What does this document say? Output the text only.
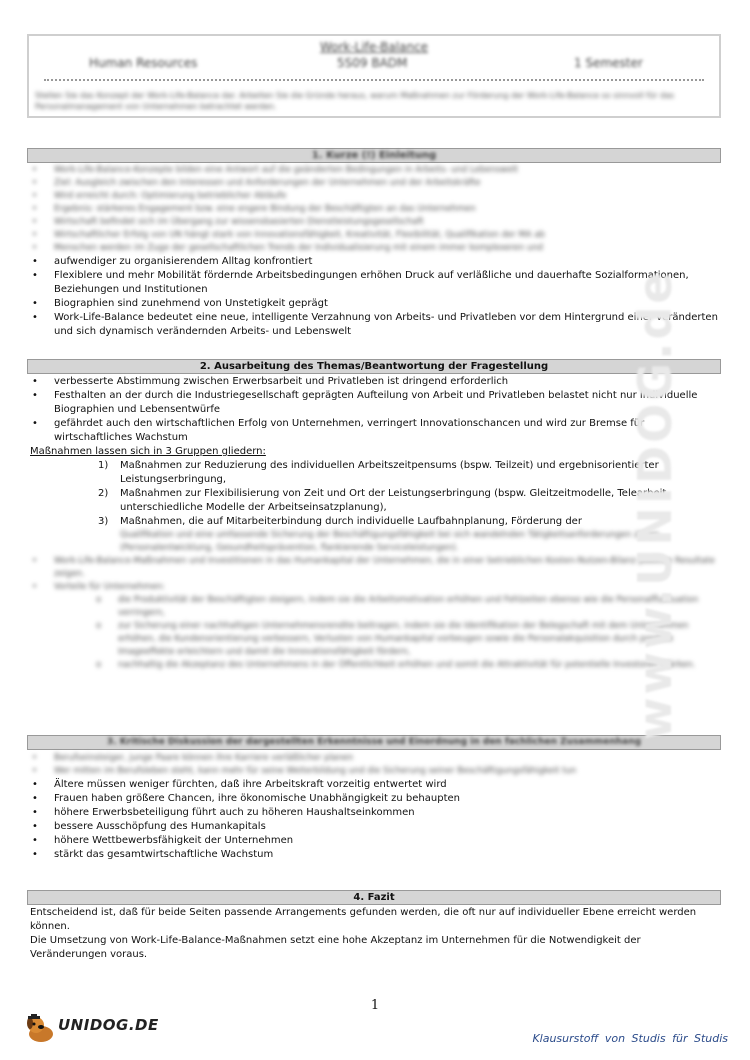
Work-Life-Balance
Human Resources	5S09 BADM	1 Semester
Stellen Sie das Konzept der Work-Life-Balance dar. Arbeiten Sie die Gründe heraus, warum Maßnahmen zur Förderung der Work-Life-Balance so sinnvoll für das Personalmanagement von Unternehmen betrachtet werden.
1. Kurze (!) Einleitung
• Work-Life-Balance-Konzepte bilden eine Antwort auf die geänderten Bedingungen in Arbeits- und Lebenswelt
• Ziel: Ausgleich zwischen den Interessen und Anforderungen der Unternehmen und der Arbeitskräfte
• Wird erreicht durch: Optimierung betrieblicher Abläufe
• Ergebnis: stärkeres Engagement bzw. eine engere Bindung der Beschäftigten an das Unternehmen
• Wirtschaft befindet sich im Übergang zur wissensbasierten Dienstleistungsgesellschaft
• Wirtschaftlicher Erfolg von UN hängt stark von Innovationsfähigkeit, Kreativität, Flexibilität, Qualifikation der MA ab
• Menschen werden im Zuge der gesellschaftlichen Trends der Individualisierung mit einem immer komplexeren und
• aufwendiger zu organisierendem Alltag konfrontiert
• Flexiblere und mehr Mobilität fördernde Arbeitsbedingungen erhöhen Druck auf verläßliche und dauerhafte Sozialformationen, Beziehungen und Institutionen
• Biographien sind zunehmend von Unstetigkeit geprägt
• Work-Life-Balance bedeutet eine neue, intelligente Verzahnung von Arbeits- und Privatleben vor dem Hintergrund einer veränderten und sich dynamisch verändernden Arbeits- und Lebenswelt
2. Ausarbeitung des Themas/Beantwortung der Fragestellung
• verbesserte Abstimmung zwischen Erwerbsarbeit und Privatleben ist dringend erforderlich
• Festhalten an der durch die Industriegesellschaft geprägten Aufteilung von Arbeit und Privatleben belastet nicht nur individuelle Biographien und Lebensentwürfe
• gefährdet auch den wirtschaftlichen Erfolg von Unternehmen, verringert Innovationschancen und wird zur Bremse für wirtschaftliches Wachstum

Maßnahmen lassen sich in 3 Gruppen gliedern:

1) Maßnahmen zur Reduzierung des individuellen Arbeitszeitpensums (bspw. Teilzeit) und ergebnisorientierter Leistungserbringung,
2) Maßnahmen zur Flexibilisierung von Zeit und Ort der Leistungserbringung (bspw. Gleitzeitmodelle, Telearbeit, unterschiedliche Modelle der Arbeitseinsatzplanung),
3) Maßnahmen, die auf Mitarbeiterbindung durch individuelle Laufbahnplanung, Förderung der
Qualifikation und eine umfassende Sicherung der Beschäftigungsfähigkeit bei sich wandelnden Tätigkeitsanforderungen zielen (Personalentwicklung, Gesundheitsprävention, flankierende Serviceleistungen).
• Work-Life-Balance-Maßnahmen und Investitionen in das Humankapital der Unternehmen, die in einer betrieblichen Kosten-Nutzen-Bilanz positive Resultate zeigen.
• Vorteile für Unternehmen:
o die Produktivität der Beschäftigten steigern, indem sie die Arbeitsmotivation erhöhen und Fehlzeiten ebenso wie die Personalfluktuation verringern,
o zur Sicherung einer nachhaltigen Unternehmensrendite beitragen, indem sie die Identifikation der Belegschaft mit dem Unternehmen erhöhen, die Kundenorientierung verbessern, Verlusten von Humankapital vorbeugen sowie die Personalakquisition durch positive Imageeffekte erleichtern und damit die Innovationsfähigkeit fördern,
o nachhaltig die Akzeptanz des Unternehmens in der Öffentlichkeit erhöhen und somit die Attraktivität für potentielle Investoren stärken.
3. Kritische Diskussion der dargestellten Erkenntnisse und Einordnung in den fachlichen Zusammenhang
• Berufseinsteiger, junge Paare können ihre Karriere verläßlicher planen
• Wer mitten im Berufsleben steht, kann mehr für seine Weiterbildung und die Sicherung seiner Beschäftigungsfähigkeit tun
• Ältere müssen weniger fürchten, daß ihre Arbeitskraft vorzeitig entwertet wird
• Frauen haben größere Chancen, ihre ökonomische Unabhängigkeit zu behaupten
• höhere Erwerbsbeteiligung führt auch zu höheren Haushaltseinkommen
• bessere Ausschöpfung des Humankapitals
• höhere Wettbewerbsfähigkeit der Unternehmen
• stärkt das gesamtwirtschaftliche Wachstum
4. Fazit

Entscheidend ist, daß für beide Seiten passende Arrangements gefunden werden, die oft nur auf individueller Ebene erreicht werden können.

Die Umsetzung von Work-Life-Balance-Maßnahmen setzt eine hohe Akzeptanz im Unternehmen für die Notwendigkeit der Veränderungen voraus.

www.UNIDOG.de
1
UNIDOG.DE
Klausurstoff von Studis für Studis
